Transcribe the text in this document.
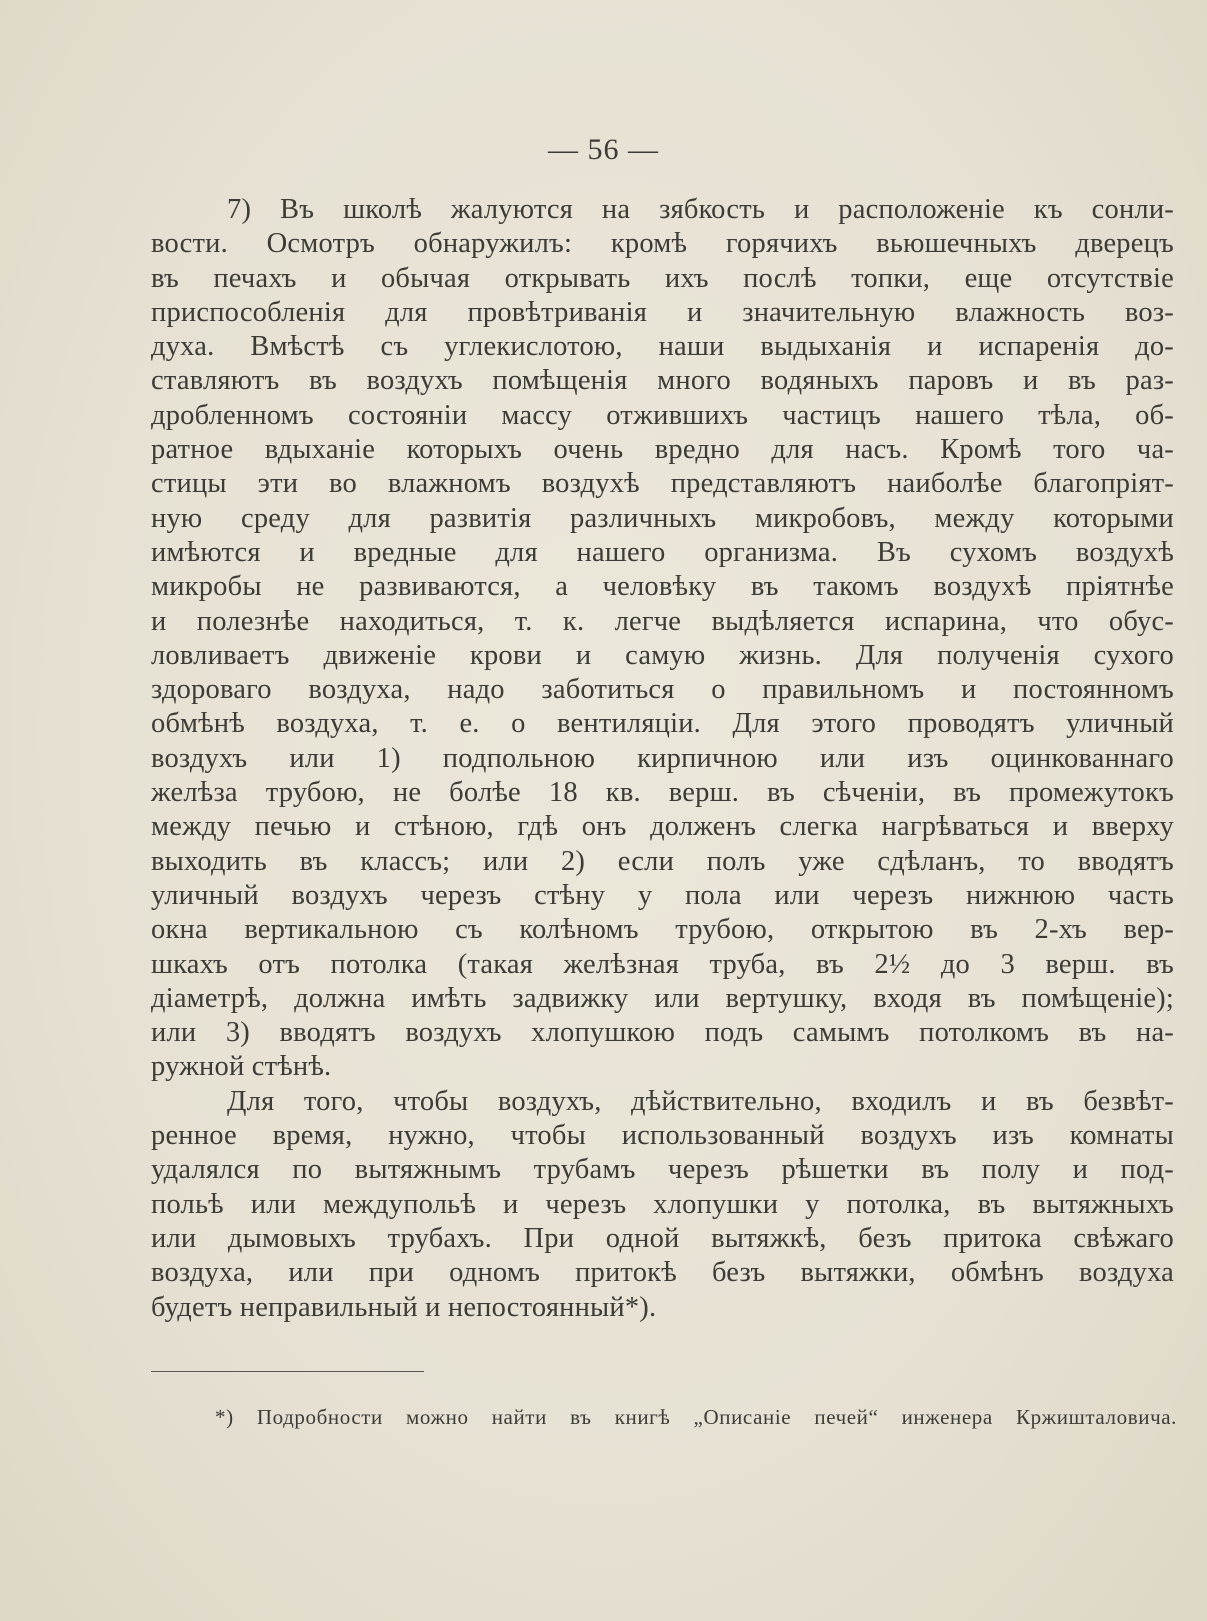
— 56 —
7) Въ школѣ жалуются на зябкость и расположеніе къ сонли-
вости. Осмотръ обнаружилъ: кромѣ горячихъ вьюшечныхъ дверецъ
въ печахъ и обычая открывать ихъ послѣ топки, еще отсутствіе
приспособленія для провѣтриванія и значительную влажность воз-
духа. Вмѣстѣ съ углекислотою, наши выдыханія и испаренія до-
ставляютъ въ воздухъ помѣщенія много водяныхъ паровъ и въ раз-
дробленномъ состояніи массу отжившихъ частицъ нашего тѣла, об-
ратное вдыханіе которыхъ очень вредно для насъ. Кромѣ того ча-
стицы эти во влажномъ воздухѣ представляютъ наиболѣе благопріят-
ную среду для развитія различныхъ микробовъ, между которыми
имѣются и вредные для нашего организма. Въ сухомъ воздухѣ
микробы не развиваются, а человѣку въ такомъ воздухѣ пріятнѣе
и полезнѣе находиться, т. к. легче выдѣляется испарина, что обус-
ловливаетъ движеніе крови и самую жизнь. Для полученія сухого
здороваго воздуха, надо заботиться о правильномъ и постоянномъ
обмѣнѣ воздуха, т. е. о вентиляціи. Для этого проводятъ уличный
воздухъ или 1) подпольною кирпичною или изъ оцинкованнаго
желѣза трубою, не болѣе 18 кв. верш. въ сѣченіи, въ промежутокъ
между печью и стѣною, гдѣ онъ долженъ слегка нагрѣваться и вверху
выходить въ классъ; или 2) если полъ уже сдѣланъ, то вводятъ
уличный воздухъ черезъ стѣну у пола или черезъ нижнюю часть
окна вертикальною съ колѣномъ трубою, открытою въ 2-хъ вер-
шкахъ отъ потолка (такая желѣзная труба, въ 2½ до 3 верш. въ
діаметрѣ, должна имѣть задвижку или вертушку, входя въ помѣщеніе);
или 3) вводятъ воздухъ хлопушкою подъ самымъ потолкомъ въ на-
ружной стѣнѣ.
Для того, чтобы воздухъ, дѣйствительно, входилъ и въ безвѣт-
ренное время, нужно, чтобы использованный воздухъ изъ комнаты
удалялся по вытяжнымъ трубамъ черезъ рѣшетки въ полу и под-
польѣ или междупольѣ и черезъ хлопушки у потолка, въ вытяжныхъ
или дымовыхъ трубахъ. При одной вытяжкѣ, безъ притока свѣжаго
воздуха, или при одномъ притокѣ безъ вытяжки, обмѣнъ воздуха
будетъ неправильный и непостоянный*).
*) Подробности можно найти въ книгѣ „Описаніе печей“ инженера Кржишталовича.
